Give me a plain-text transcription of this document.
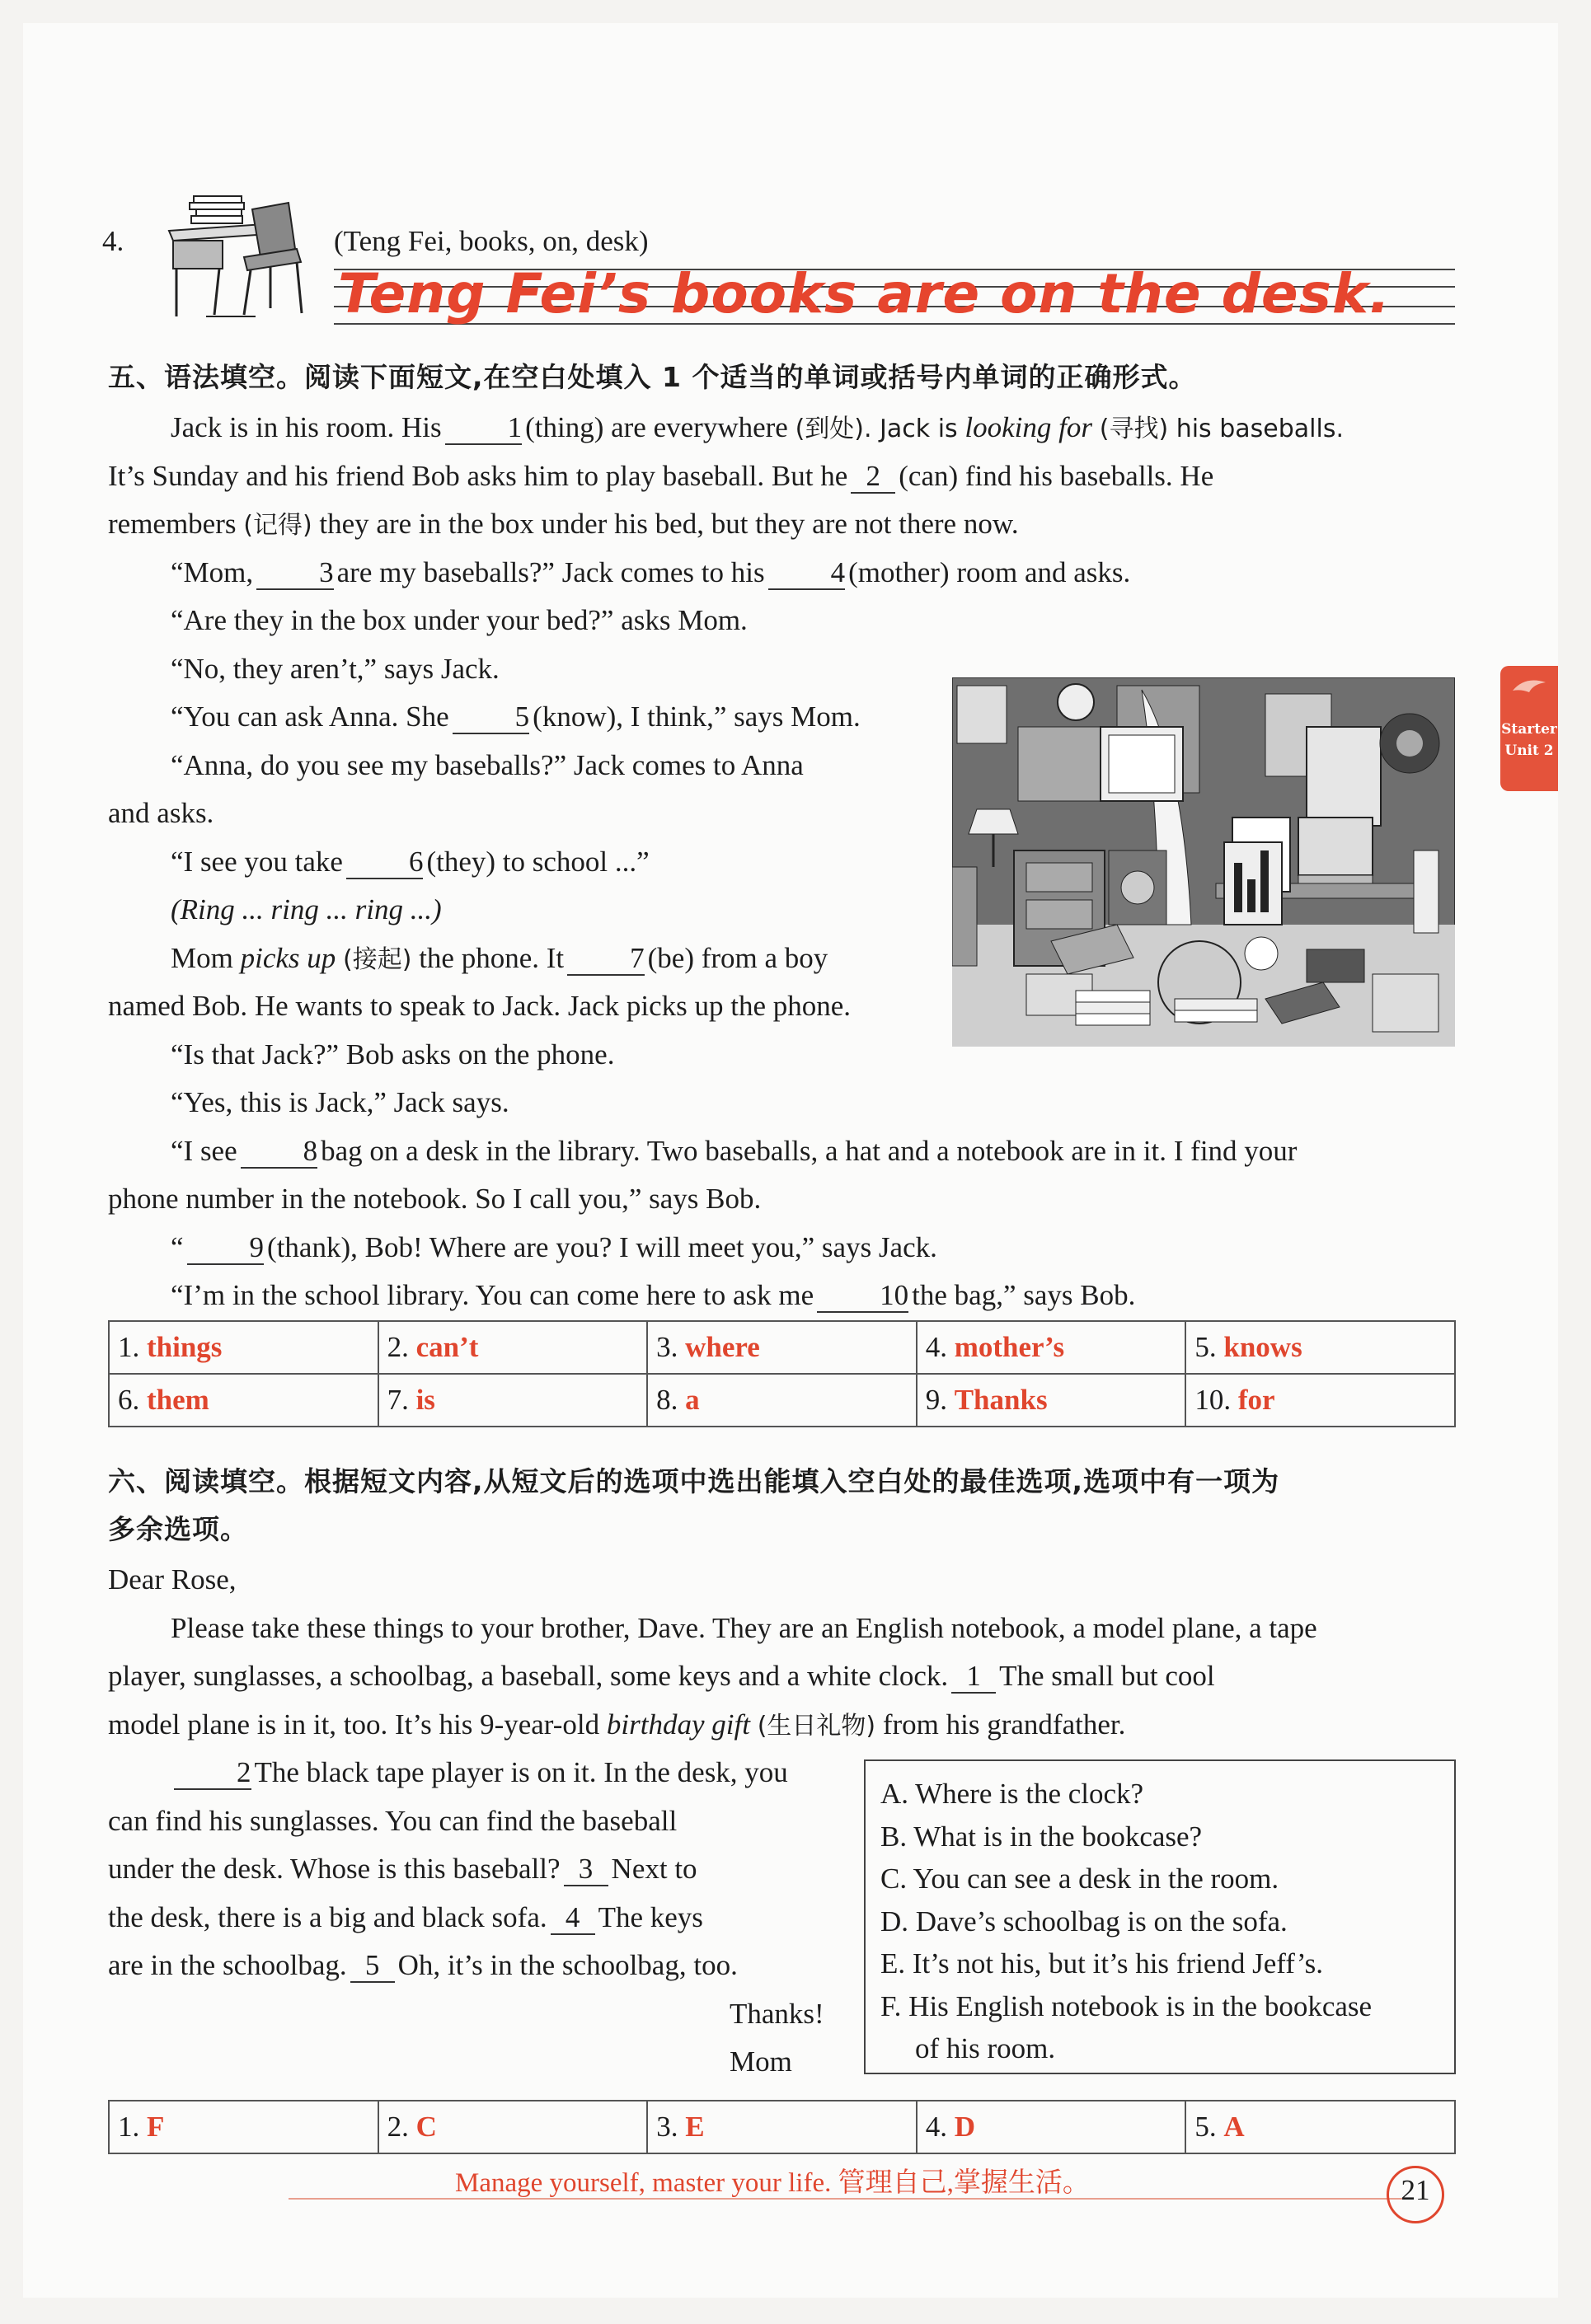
4.	(Teng Fei, books, on, desk)
Teng Fei’s books are on the desk.
五、语法填空。阅读下面短文,在空白处填入 1 个适当的单词或括号内单词的正确形式。
Jack is in his room. His 1 (thing) are everywhere (到处). Jack is looking for (寻找) his baseballs.
It’s Sunday and his friend Bob asks him to play baseball. But he 2 (can) find his baseballs. He
remembers (记得) they are in the box under his bed, but they are not there now.
“Mom, 3 are my baseballs?” Jack comes to his 4 (mother) room and asks.
“Are they in the box under your bed?” asks Mom.
“No, they aren’t,” says Jack.
“You can ask Anna. She 5 (know), I think,” says Mom.
“Anna, do you see my baseballs?” Jack comes to Anna
and asks.
“I see you take 6 (they) to school ...”
(Ring ... ring ... ring ...)
Mom picks up (接起) the phone. It 7 (be) from a boy
named Bob. He wants to speak to Jack. Jack picks up the phone.
“Is that Jack?” Bob asks on the phone.
“Yes, this is Jack,” Jack says.
“I see 8 bag on a desk in the library. Two baseballs, a hat and a notebook are in it. I find your
phone number in the notebook. So I call you,” says Bob.
“ 9 (thank), Bob! Where are you? I will meet you,” says Jack.
“I’m in the school library. You can come here to ask me 10 the bag,” says Bob.
1. things	2. can’t	3. where	4. mother’s	5. knows
6. them	7. is	8. a	9. Thanks	10. for
六、阅读填空。根据短文内容,从短文后的选项中选出能填入空白处的最佳选项,选项中有一项为
多余选项。
Dear Rose,
Please take these things to your brother, Dave. They are an English notebook, a model plane, a tape
player, sunglasses, a schoolbag, a baseball, some keys and a white clock. 1 The small but cool
model plane is in it, too. It’s his 9-year-old birthday gift (生日礼物) from his grandfather.
2 The black tape player is on it. In the desk, you
can find his sunglasses. You can find the baseball
under the desk. Whose is this baseball? 3 Next to
the desk, there is a big and black sofa. 4 The keys
are in the schoolbag. 5 Oh, it’s in the schoolbag, too.
Thanks!
Mom
A. Where is the clock?
B. What is in the bookcase?
C. You can see a desk in the room.
D. Dave’s schoolbag is on the sofa.
E. It’s not his, but it’s his friend Jeff’s.
F. His English notebook is in the bookcase
of his room.
1. F	2. C	3. E	4. D	5. A
Starter
Unit 2
Manage yourself, master your life. 管理自己,掌握生活。	21
